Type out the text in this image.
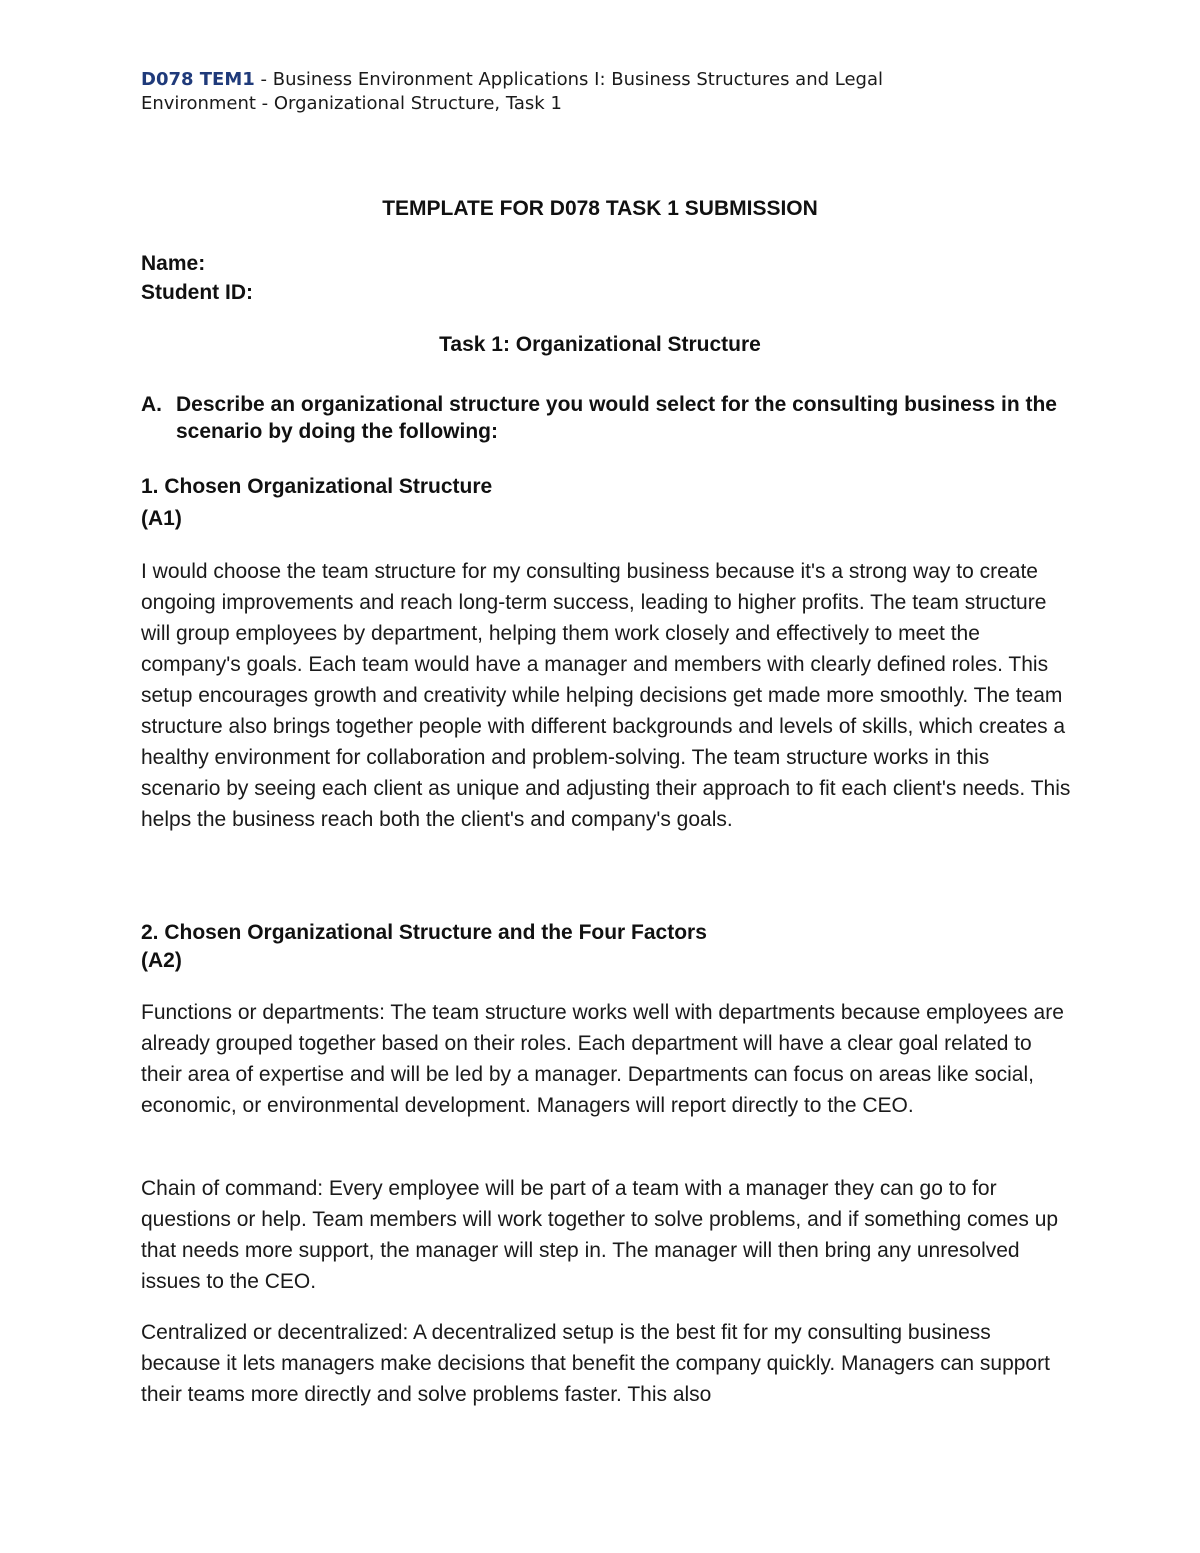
D078 TEM1 - Business Environment Applications I: Business Structures and Legal
Environment - Organizational Structure, Task 1
TEMPLATE FOR D078 TASK 1 SUBMISSION
Name:
Student ID:
Task 1: Organizational Structure
A. Describe an organizational structure you would select for the consulting business in the scenario by doing the following:
1. Chosen Organizational Structure
(A1)
I would choose the team structure for my consulting business because it's a strong way to create ongoing improvements and reach long-term success, leading to higher profits. The team structure will group employees by department, helping them work closely and effectively to meet the company's goals. Each team would have a manager and members with clearly defined roles. This setup encourages growth and creativity while helping decisions get made more smoothly. The team structure also brings together people with different backgrounds and levels of skills, which creates a healthy environment for collaboration and problem-solving. The team structure works in this scenario by seeing each client as unique and adjusting their approach to fit each client's needs. This helps the business reach both the client's and company's goals.
2. Chosen Organizational Structure and the Four Factors
(A2)
Functions or departments: The team structure works well with departments because employees are already grouped together based on their roles. Each department will have a clear goal related to their area of expertise and will be led by a manager. Departments can focus on areas like social, economic, or environmental development. Managers will report directly to the CEO.
Chain of command: Every employee will be part of a team with a manager they can go to for questions or help. Team members will work together to solve problems, and if something comes up that needs more support, the manager will step in. The manager will then bring any unresolved issues to the CEO.
Centralized or decentralized: A decentralized setup is the best fit for my consulting business because it lets managers make decisions that benefit the company quickly. Managers can support their teams more directly and solve problems faster. This also
